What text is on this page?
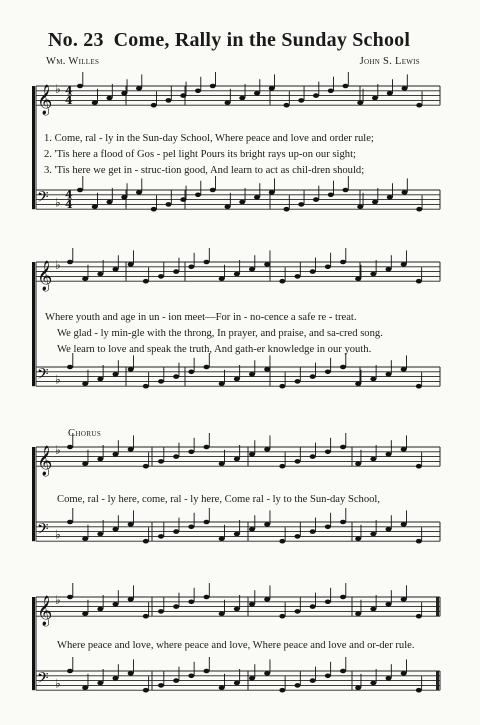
No. 23 Come, Rally in the Sunday School
Wm. Willes	John S. Lewis
1. Come, ral - ly in the Sun-day School, Where peace and love and order rule;
2. 'Tis here a flood of Gos - pel light Pours its bright rays up-on our sight;
3. 'Tis here we get in - struc-tion good, And learn to act as chil-dren should;
Where youth and age in un - ion meet—For in - no-cence a safe re - treat.
We glad - ly min-gle with the throng, In prayer, and praise, and sa-cred song.
We learn to love and speak the truth, And gath-er knowledge in our youth.
Chorus
Come, ral - ly here, come, ral - ly here, Come ral - ly to the Sun-day School,
Where peace and love, where peace and love, Where peace and love and or-der rule.
𝄞 ♭ 4
4
𝄢 ♭
4
4
𝄞 ♭
𝄢 ♭
𝄞 ♭
𝄢 ♭
𝄞 ♭
𝄢 ♭
